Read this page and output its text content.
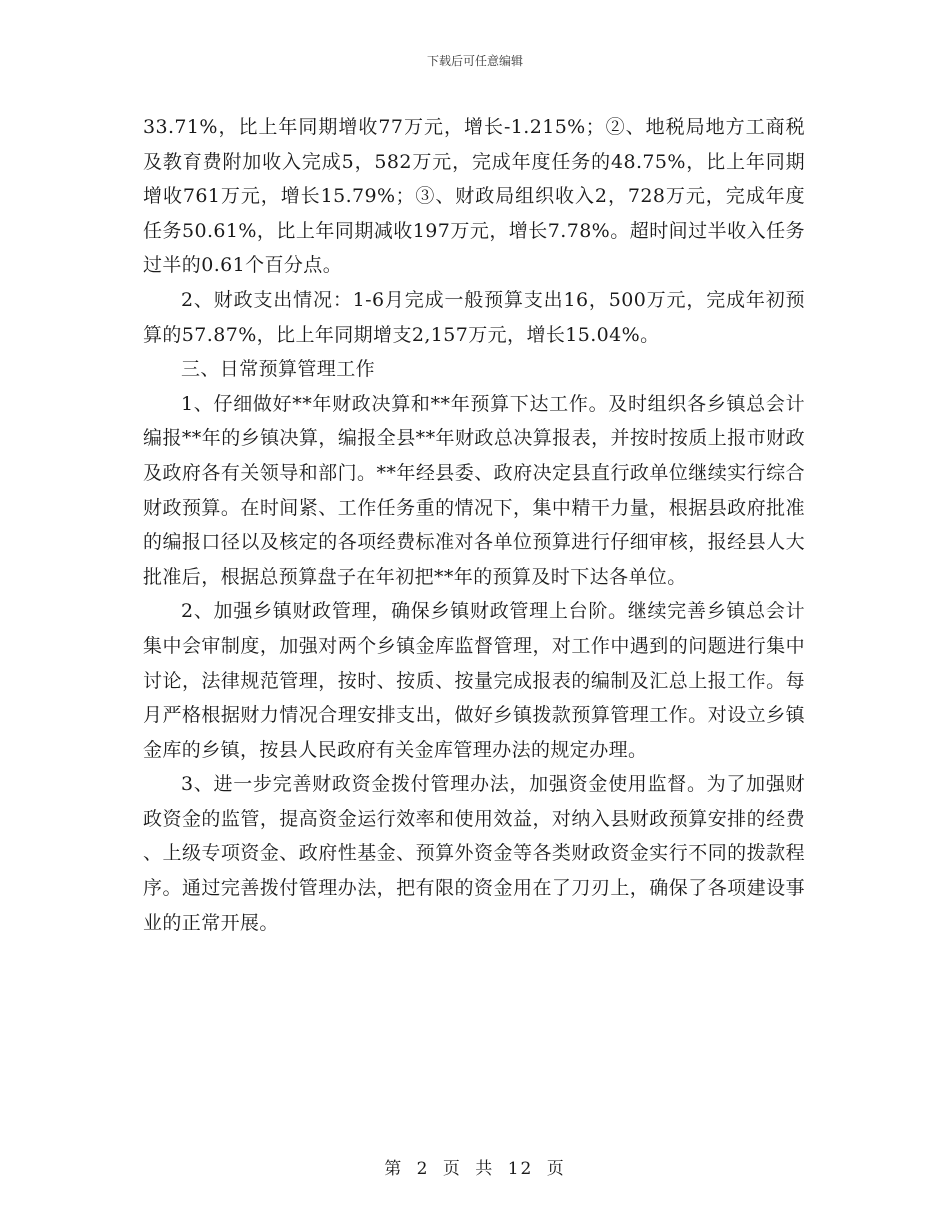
下载后可任意编辑

33.71%，比上年同期增收77万元，增长-1.215%；②、地税局地方工商税及教育费附加收入完成5，582万元，完成年度任务的48.75%，比上年同期增收761万元，增长15.79%；③、财政局组织收入2，728万元，完成年度任务50.61%，比上年同期减收197万元，增长7.78%。超时间过半收入任务过半的0.61个百分点。

2、财政支出情况：1-6月完成一般预算支出16，500万元，完成年初预算的57.87%，比上年同期增支2,157万元，增长15.04%。

三、日常预算管理工作

1、仔细做好**年财政决算和**年预算下达工作。及时组织各乡镇总会计编报**年的乡镇决算，编报全县**年财政总决算报表，并按时按质上报市财政及政府各有关领导和部门。**年经县委、政府决定县直行政单位继续实行综合财政预算。在时间紧、工作任务重的情况下，集中精干力量，根据县政府批准的编报口径以及核定的各项经费标准对各单位预算进行仔细审核，报经县人大批准后，根据总预算盘子在年初把**年的预算及时下达各单位。

2、加强乡镇财政管理，确保乡镇财政管理上台阶。继续完善乡镇总会计集中会审制度，加强对两个乡镇金库监督管理，对工作中遇到的问题进行集中讨论，法律规范管理，按时、按质、按量完成报表的编制及汇总上报工作。每月严格根据财力情况合理安排支出，做好乡镇拨款预算管理工作。对设立乡镇金库的乡镇，按县人民政府有关金库管理办法的规定办理。

3、进一步完善财政资金拨付管理办法，加强资金使用监督。为了加强财政资金的监管，提高资金运行效率和使用效益，对纳入县财政预算安排的经费、上级专项资金、政府性基金、预算外资金等各类财政资金实行不同的拨款程序。通过完善拨付管理办法，把有限的资金用在了刀刃上，确保了各项建设事业的正常开展。

第 2 页 共 12 页
